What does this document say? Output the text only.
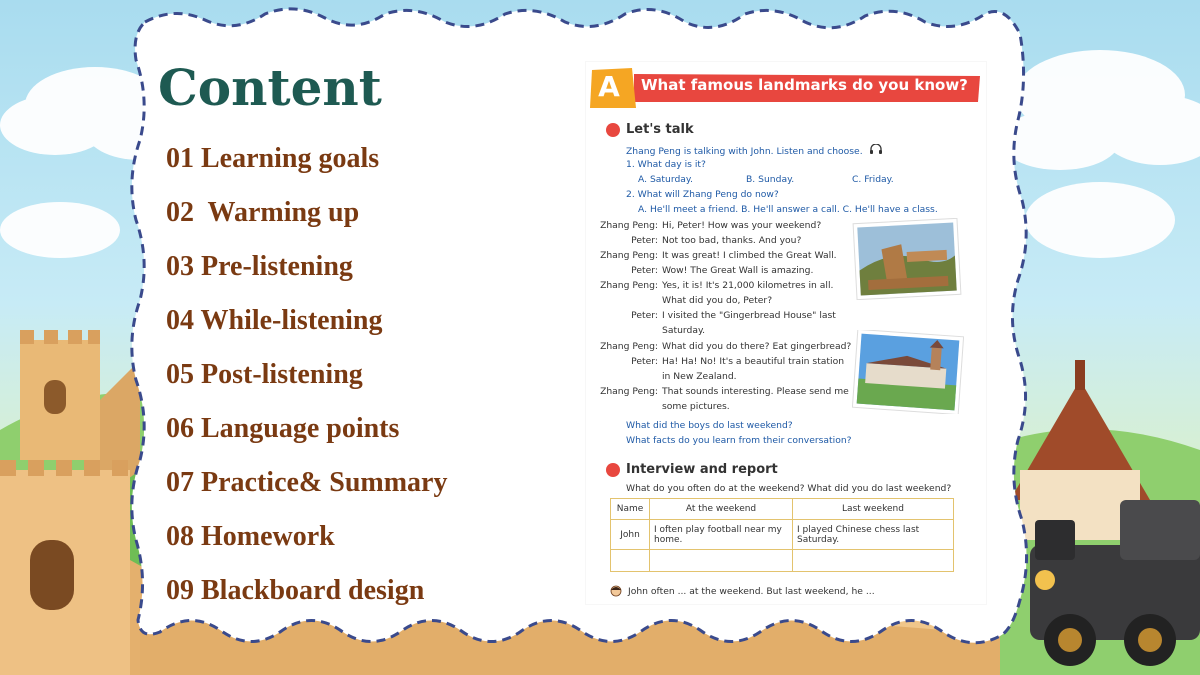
Content
01 Learning goals
02  Warming up
03 Pre-listening
04 While-listening
05 Post-listening
06 Language points
07 Practice& Summary
08 Homework
09 Blackboard design
A	What famous landmarks do you know?
Let's talk
Zhang Peng is talking with John. Listen and choose.
1. What day is it?
A. Saturday.	B. Sunday.	C. Friday.
2. What will Zhang Peng do now?
A. He'll meet a friend. B. He'll answer a call. C. He'll have a class.
Zhang Peng: Hi, Peter! How was your weekend?
Peter: Not too bad, thanks. And you?
Zhang Peng: It was great! I climbed the Great Wall.
Peter: Wow! The Great Wall is amazing.
Zhang Peng: Yes, it is! It's 21,000 kilometres in all.
What did you do, Peter?
Peter: I visited the "Gingerbread House" last
Saturday.
Zhang Peng: What did you do there? Eat gingerbread?
Peter: Ha! Ha! No! It's a beautiful train station
in New Zealand.
Zhang Peng: That sounds interesting. Please send me
some pictures.
What did the boys do last weekend?
What facts do you learn from their conversation?
Interview and report
What do you often do at the weekend? What did you do last weekend?
Name	At the weekend	Last weekend
John	I often play football near my home.	I played Chinese chess last Saturday.

John often ... at the weekend. But last weekend, he ...
